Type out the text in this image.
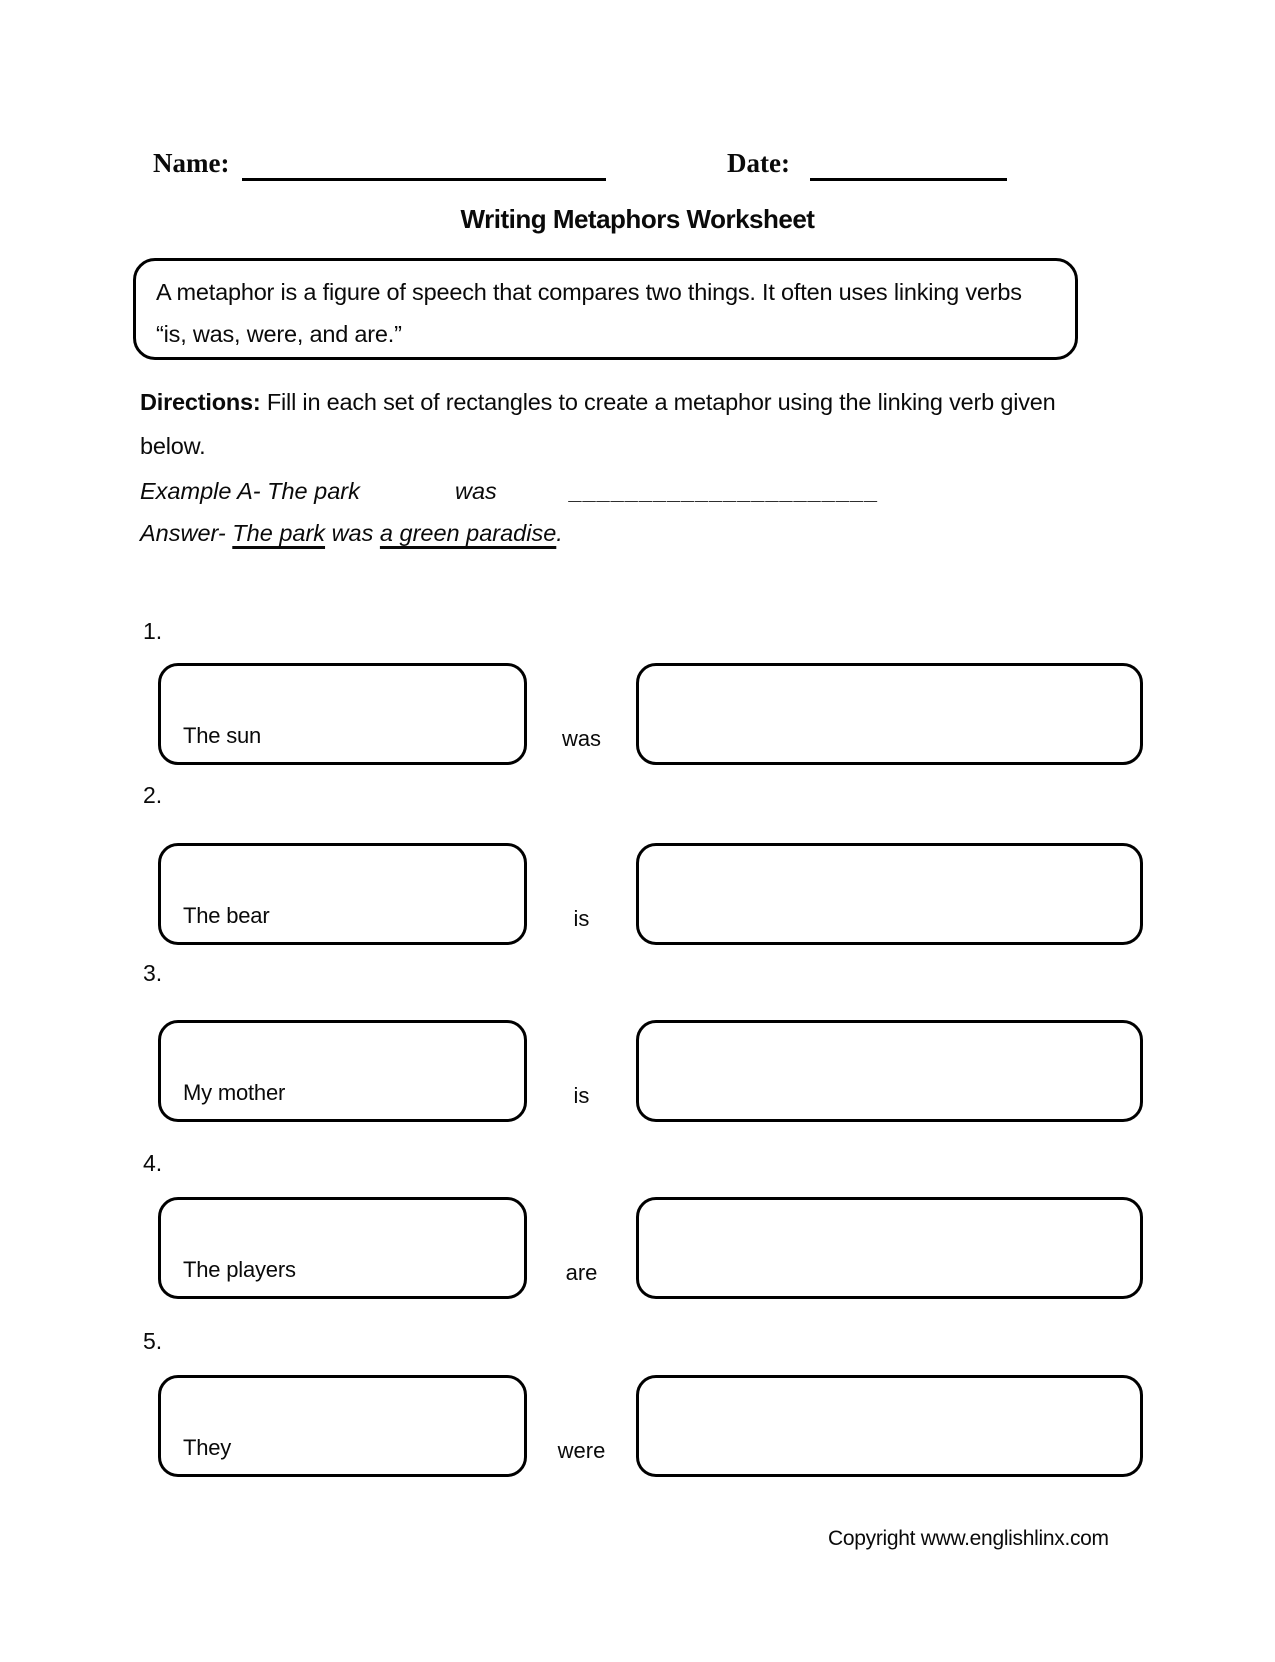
Name:	Date:
Writing Metaphors Worksheet
A metaphor is a figure of speech that compares two things. It often uses linking verbs “is, was, were, and are.”
Directions: Fill in each set of rectangles to create a metaphor using the linking verb given below.
Example A- The park	was	______________________
Answer- The park was a green paradise.
1.
The sun	was
2.
The bear	is
3.
My mother	is
4.
The players	are
5.
They	were
Copyright www.englishlinx.com
